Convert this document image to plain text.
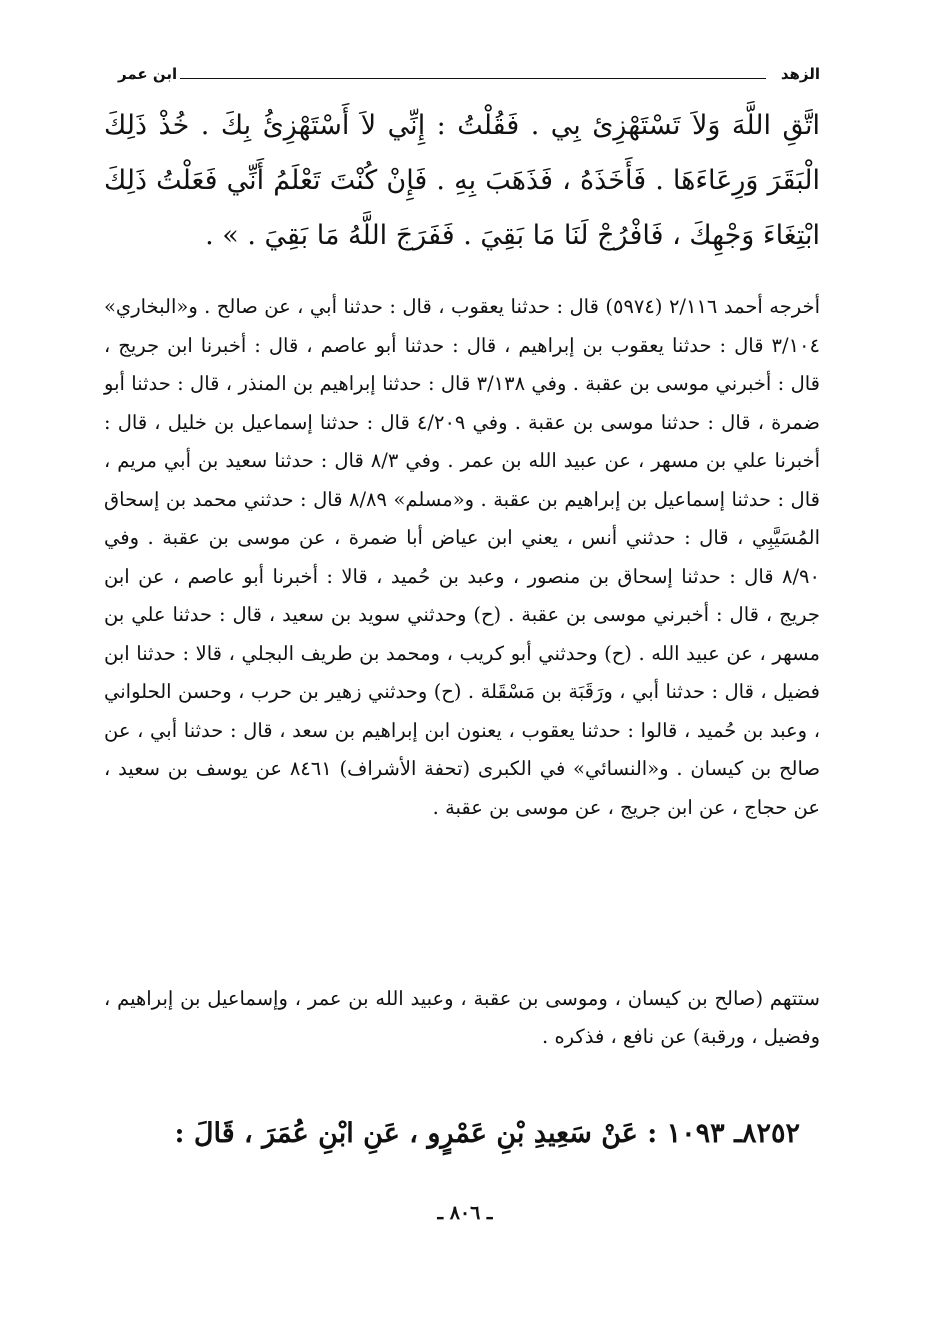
الزهد
ابن عمر
اتَّقِ اللَّهَ وَلاَ تَسْتَهْزِئ بِي . فَقُلْتُ : إِنِّي لاَ أَسْتَهْزِئُ بِكَ . خُذْ ذَلِكَ الْبَقَرَ وَرِعَاءَهَا . فَأَخَذَهُ ، فَذَهَبَ بِهِ . فَإِنْ كُنْتَ تَعْلَمُ أَنِّي فَعَلْتُ ذَلِكَ ابْتِغَاءَ وَجْهِكَ ، فَافْرُجْ لَنَا مَا بَقِيَ . فَفَرَجَ اللَّهُ مَا بَقِيَ . » .
أخرجه أحمد ٢/١١٦ (٥٩٧٤) قال : حدثنا يعقوب ، قال : حدثنا أبي ، عن صالح . و«البخاري» ٣/١٠٤ قال : حدثنا يعقوب بن إبراهيم ، قال : حدثنا أبو عاصم ، قال : أخبرنا ابن جريج ، قال : أخبرني موسى بن عقبة . وفي ٣/١٣٨ قال : حدثنا إبراهيم بن المنذر ، قال : حدثنا أبو ضمرة ، قال : حدثنا موسى بن عقبة . وفي ٤/٢٠٩ قال : حدثنا إسماعيل بن خليل ، قال : أخبرنا علي بن مسهر ، عن عبيد الله بن عمر . وفي ٨/٣ قال : حدثنا سعيد بن أبي مريم ، قال : حدثنا إسماعيل بن إبراهيم بن عقبة . و«مسلم» ٨/٨٩ قال : حدثني محمد بن إسحاق المُسَيَّبِي ، قال : حدثني أنس ، يعني ابن عياض أبا ضمرة ، عن موسى بن عقبة . وفي ٨/٩٠ قال : حدثنا إسحاق بن منصور ، وعبد بن حُميد ، قالا : أخبرنا أبو عاصم ، عن ابن جريج ، قال : أخبرني موسى بن عقبة . (ح) وحدثني سويد بن سعيد ، قال : حدثنا علي بن مسهر ، عن عبيد الله . (ح) وحدثني أبو كريب ، ومحمد بن طريف البجلي ، قالا : حدثنا ابن فضيل ، قال : حدثنا أبي ، ورَقَبَة بن مَسْقَلة . (ح) وحدثني زهير بن حرب ، وحسن الحلواني ، وعبد بن حُميد ، قالوا : حدثنا يعقوب ، يعنون ابن إبراهيم بن سعد ، قال : حدثنا أبي ، عن صالح بن كيسان . و«النسائي» في الكبرى (تحفة الأشراف) ٨٤٦١ عن يوسف بن سعيد ، عن حجاج ، عن ابن جريج ، عن موسى بن عقبة .
ستتهم (صالح بن كيسان ، وموسى بن عقبة ، وعبيد الله بن عمر ، وإسماعيل بن إبراهيم ، وفضيل ، ورقبة) عن نافع ، فذكره .
٨٢٥٢ـ ١٠٩٣ : عَنْ سَعِيدِ بْنِ عَمْرٍو ، عَنِ ابْنِ عُمَرَ ، قَالَ :
ـ ٨٠٦ ـ
